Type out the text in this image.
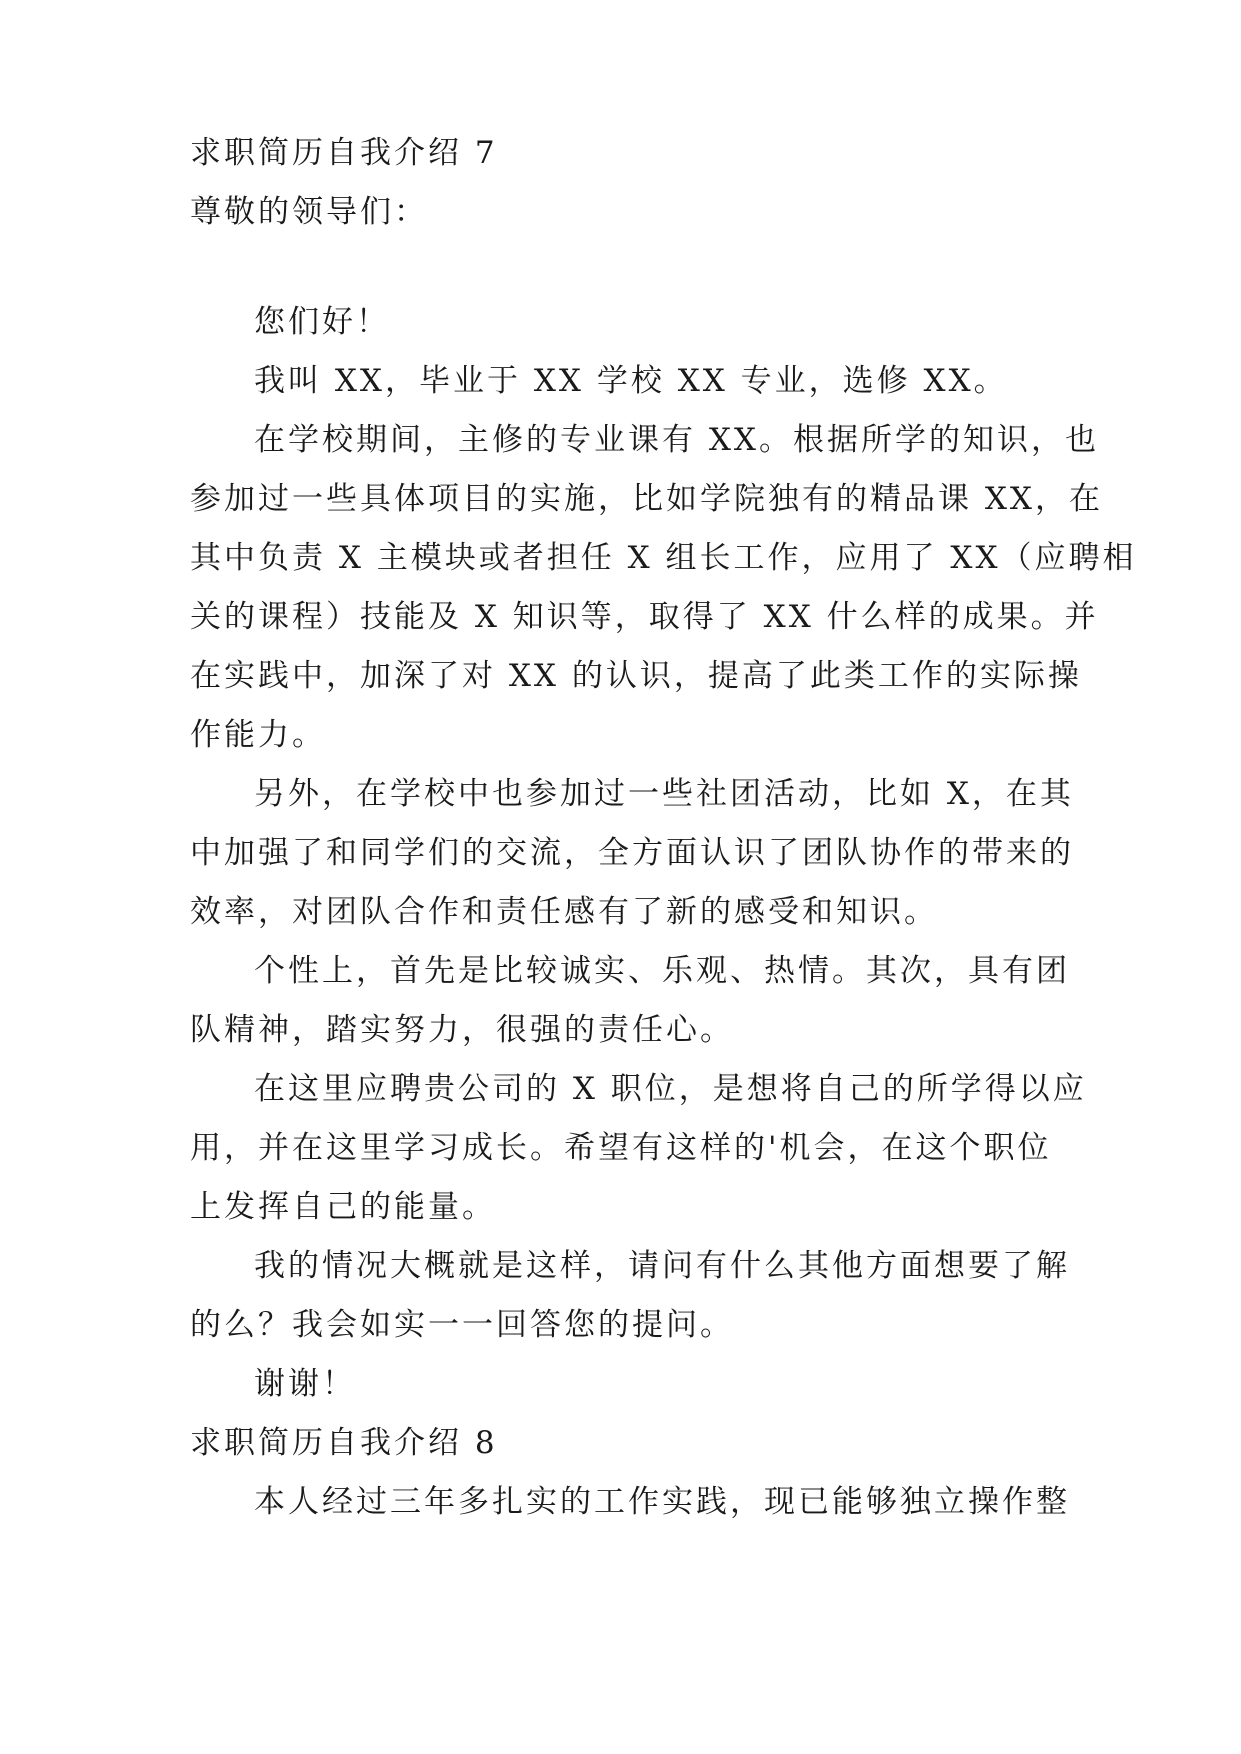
求职简历自我介绍 7
尊敬的领导们：
您们好！
我叫 XX，毕业于 XX 学校 XX 专业，选修 XX。
在学校期间，主修的专业课有 XX。根据所学的知识，也
参加过一些具体项目的实施，比如学院独有的精品课 XX，在
其中负责 X 主模块或者担任 X 组长工作，应用了 XX（应聘相
关的课程）技能及 X 知识等，取得了 XX 什么样的成果。并
在实践中，加深了对 XX 的认识，提高了此类工作的实际操
作能力。
另外，在学校中也参加过一些社团活动，比如 X，在其
中加强了和同学们的交流，全方面认识了团队协作的带来的
效率，对团队合作和责任感有了新的感受和知识。
个性上，首先是比较诚实、乐观、热情。其次，具有团
队精神，踏实努力，很强的责任心。
在这里应聘贵公司的 X 职位，是想将自己的所学得以应
用，并在这里学习成长。希望有这样的'机会，在这个职位
上发挥自己的能量。
我的情况大概就是这样，请问有什么其他方面想要了解
的么？我会如实一一回答您的提问。
谢谢！
求职简历自我介绍 8
本人经过三年多扎实的工作实践，现已能够独立操作整
